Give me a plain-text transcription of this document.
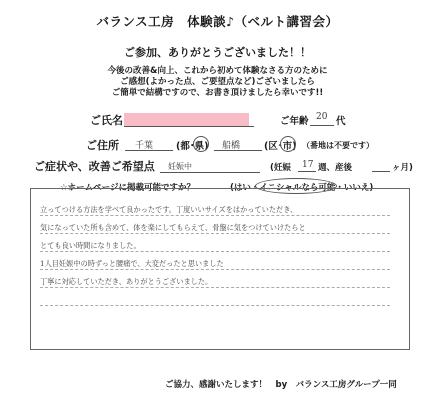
バランス工房　体験談♪（ベルト講習会）
ご参加、ありがとうございました！！
今後の改善&向上、これから初めて体験なさる方のために
ご感想(よかった点、ご要望点など)ございましたら
ご簡単で結構ですので、お書き頂けましたら幸いです!!
ご氏名	ご年齢 20 代
ご住所 千葉 (都･県) 船橋	(区･市) （番地は不要です）
ご症状や、改善ご希望点 妊娠中	(妊娠 17 週、産後	ヶ月)
☆ホームページに掲載可能ですか？	(はい・イニシャルなら可能・いいえ)
立ってつける方法を学べて良かったです。丁度いいサイズをはかっていただき、
気になっていた所も含めて、体を楽にしてもらえて、骨盤に気をつけていけたらと
とても良い時間になりました。
1人目妊娠中の時ずっと腰痛で、大変だったと思いました
丁寧に対応していただき、ありがとうございました。
ご協力、感謝いたします！　by　バランス工房グループ一同
